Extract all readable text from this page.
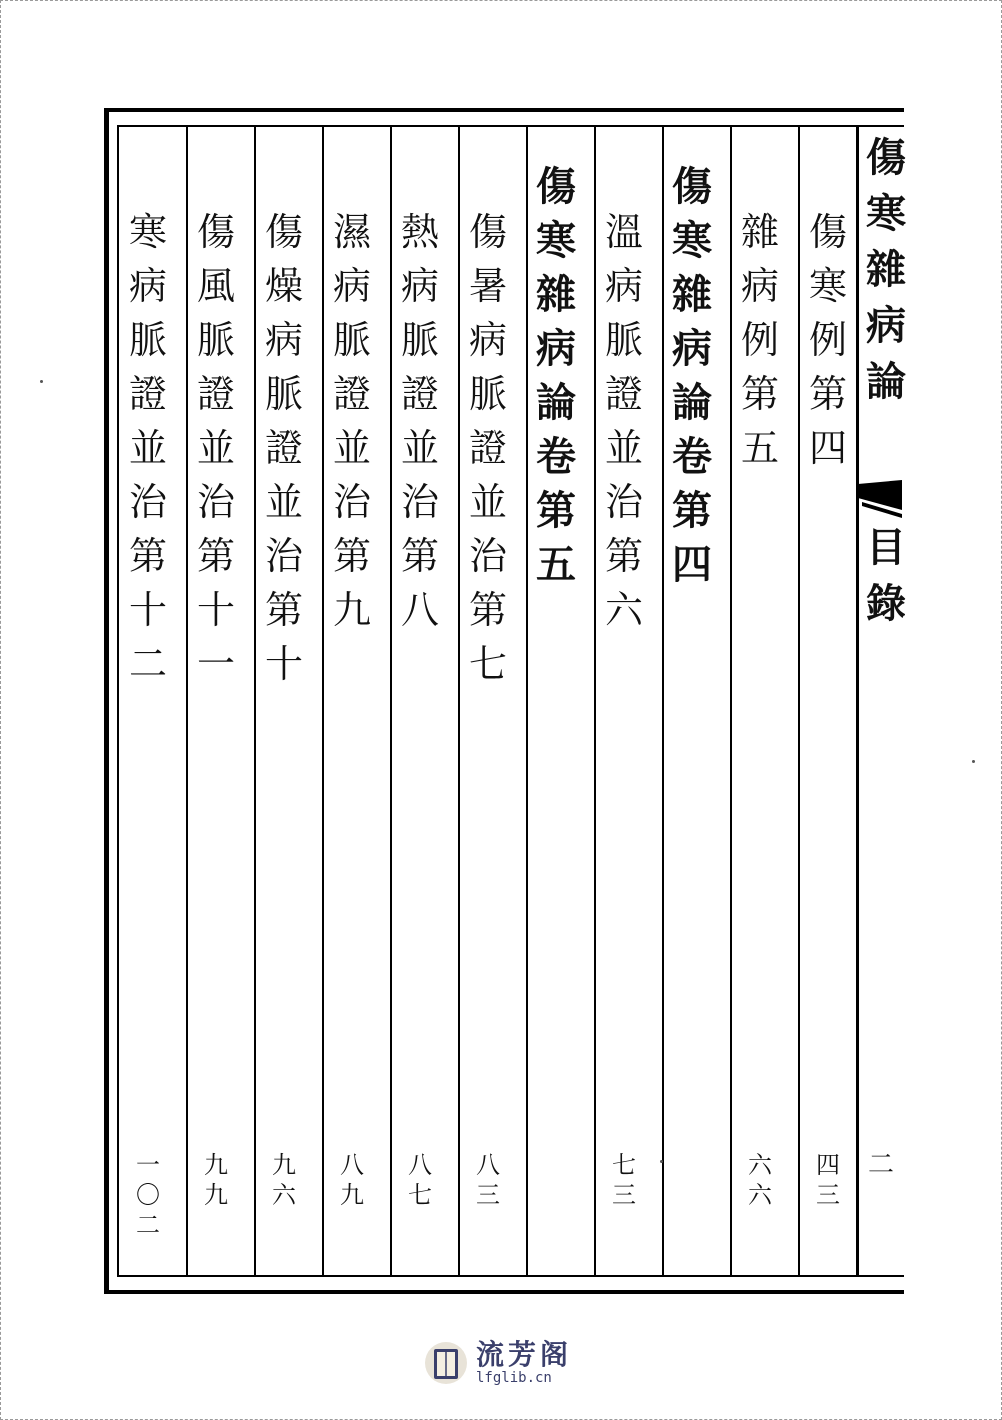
傷
寒
雜
病
論
目
錄
二
傷
寒
例
第
四
雜
病
例
第
五
傷
寒
雜
病
論
卷
第
四
溫
病
脈
證
並
治
第
六
傷
寒
雜
病
論
卷
第
五
傷
暑
病
脈
證
並
治
第
七
熱
病
脈
證
並
治
第
八
濕
病
脈
證
並
治
第
九
傷
燥
病
脈
證
並
治
第
十
傷
風
脈
證
並
治
第
十
一
寒
病
脈
證
並
治
第
十
二
四
三
六
六
七
三
八
三
八
七
八
九
九
六
九
九
一
〇
二
流芳阁
lfglib.cn
